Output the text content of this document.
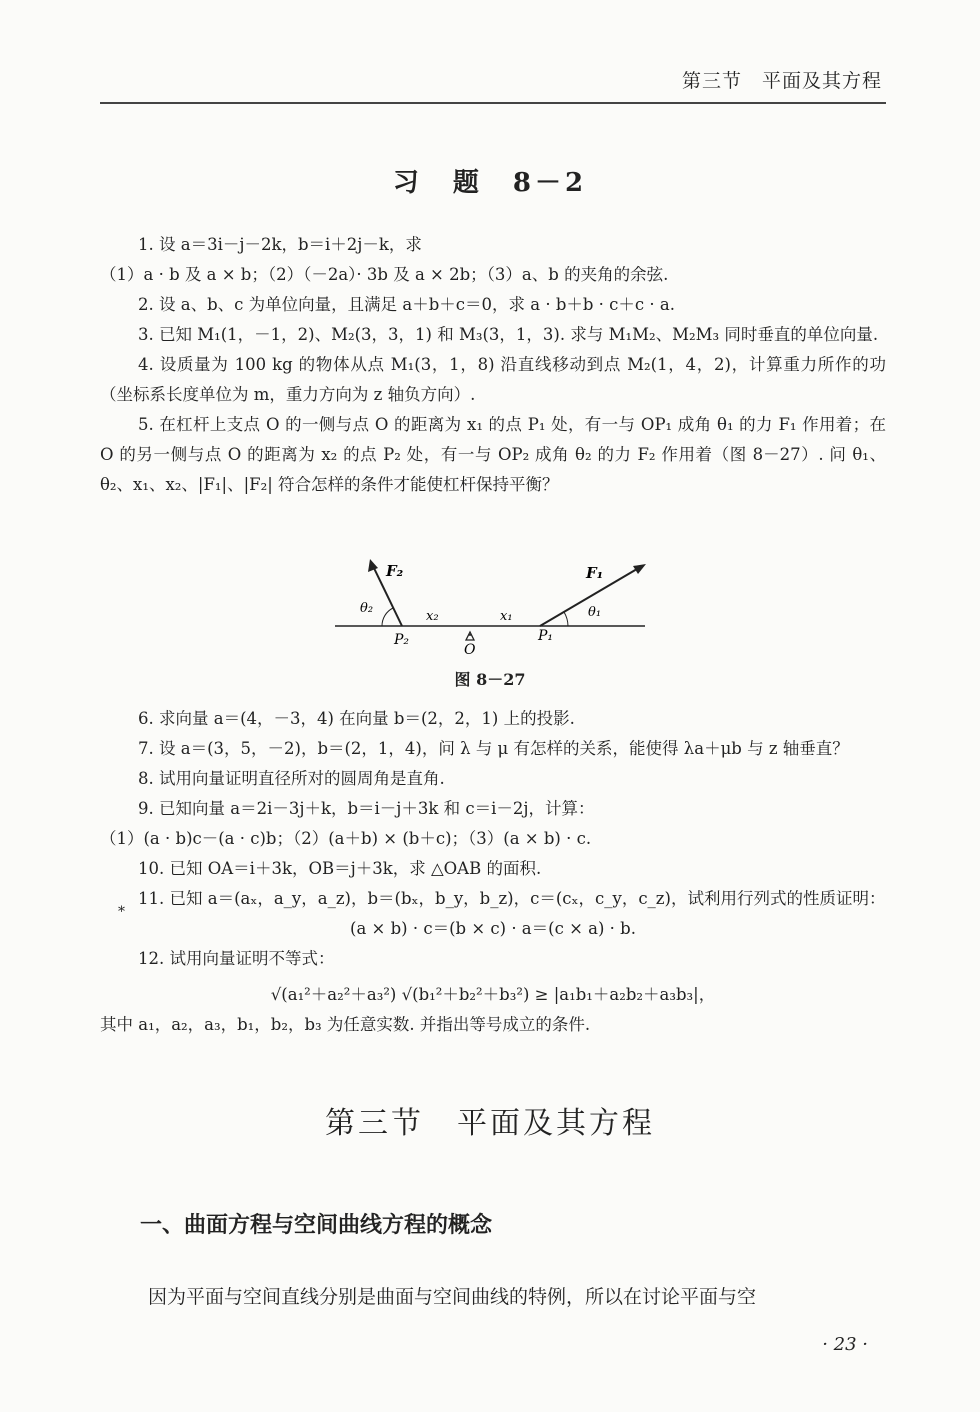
第三节　平面及其方程
习　题　8－2

1. 设 a＝3i－j－2k，b＝i＋2j－k，求

（1）a · b 及 a × b；（2）（－2a）· 3b 及 a × 2b；（3）a、b 的夹角的余弦.

2. 设 a、b、c 为单位向量，且满足 a＋b＋c＝0，求 a · b＋b · c＋c · a.

3. 已知 M₁(1，－1，2)、M₂(3，3，1) 和 M₃(3，1，3). 求与 M₁M₂、M₂M₃ 同时垂直的单位向量.

4. 设质量为 100 kg 的物体从点 M₁(3，1，8) 沿直线移动到点 M₂(1，4，2)，计算重力所作的功（坐标系长度单位为 m，重力方向为 z 轴负方向）.

5. 在杠杆上支点 O 的一侧与点 O 的距离为 x₁ 的点 P₁ 处，有一与 OP₁ 成角 θ₁ 的力 F₁ 作用着；在 O 的另一侧与点 O 的距离为 x₂ 的点 P₂ 处，有一与 OP₂ 成角 θ₂ 的力 F₂ 作用着（图 8－27）. 问 θ₁、θ₂、x₁、x₂、|F₁|、|F₂| 符合怎样的条件才能使杠杆保持平衡？

F₂	F₁
θ₂	θ₁
x₂	x₁
P₂	P₁
O
图 8－27

6. 求向量 a＝(4，－3，4) 在向量 b＝(2，2，1) 上的投影.

7. 设 a＝(3，5，－2)，b＝(2，1，4)，问 λ 与 μ 有怎样的关系，能使得 λa＋μb 与 z 轴垂直？

8. 试用向量证明直径所对的圆周角是直角.

9. 已知向量 a＝2i－3j＋k，b＝i－j＋3k 和 c＝i－2j，计算：

（1）(a · b)c－(a · c)b；（2）(a＋b) × (b＋c)；（3）(a × b) · c.

10. 已知 OA＝i＋3k，OB＝j＋3k，求 △OAB 的面积.

11. 已知 a＝(aₓ，a_y，a_z)，b＝(bₓ，b_y，b_z)，c＝(cₓ，c_y，c_z)，试利用行列式的性质证明：

(a × b) · c＝(b × c) · a＝(c × a) · b.

12. 试用向量证明不等式：

√(a₁²＋a₂²＋a₃²) √(b₁²＋b₂²＋b₃²) ≥ |a₁b₁＋a₂b₂＋a₃b₃|，

其中 a₁，a₂，a₃，b₁，b₂，b₃ 为任意实数. 并指出等号成立的条件.

*
第三节　平面及其方程
一、曲面方程与空间曲线方程的概念
因为平面与空间直线分别是曲面与空间曲线的特例，所以在讨论平面与空
· 23 ·
